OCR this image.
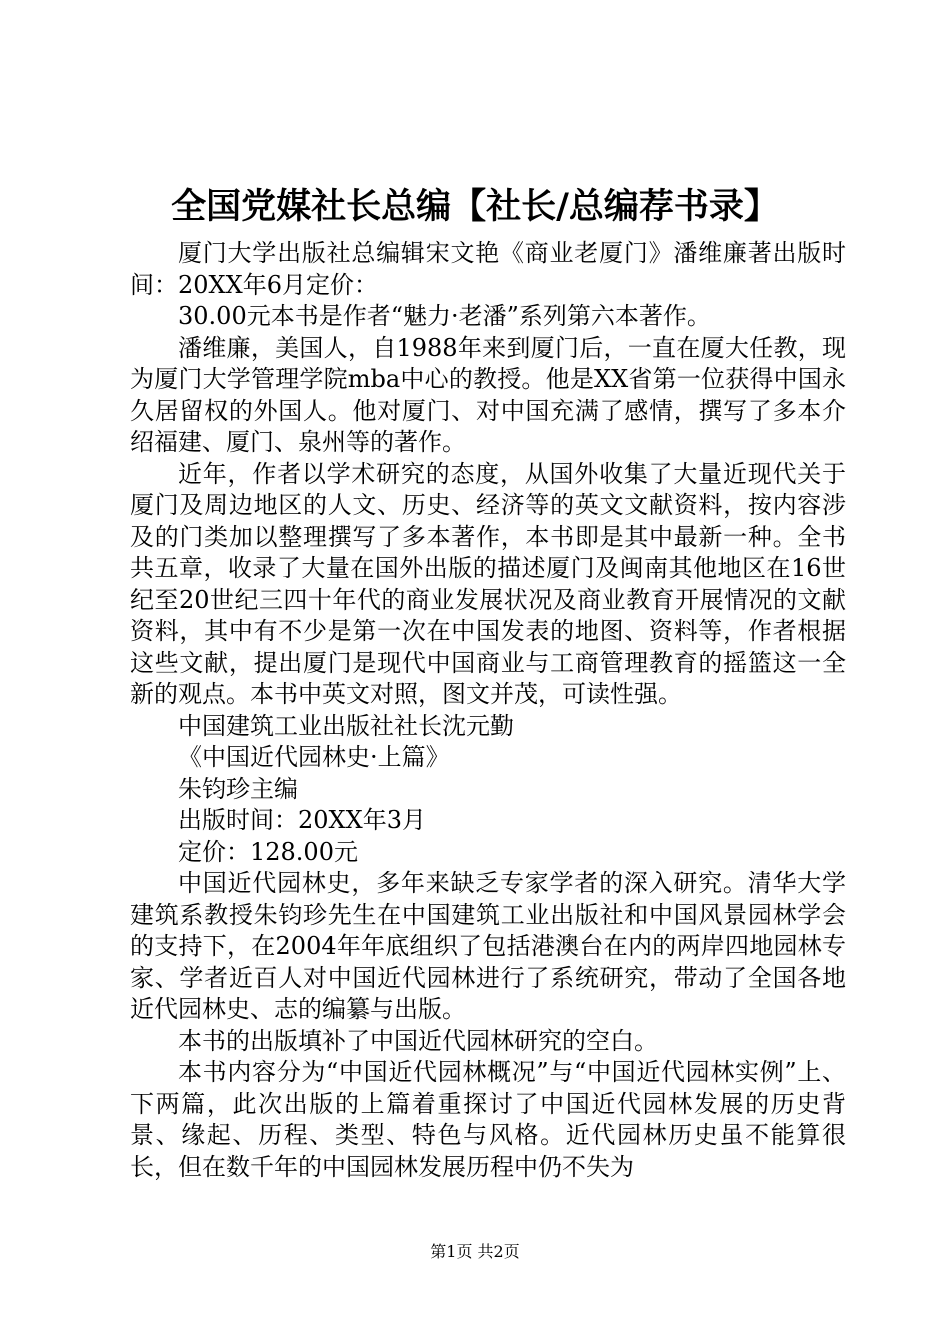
全国党媒社长总编【社长/总编荐书录】

厦门大学出版社总编辑宋文艳《商业老厦门》潘维廉著出版时间：20XX年6月定价：

30.00元本书是作者“魅力·老潘”系列第六本著作。

潘维廉，美国人，自1988年来到厦门后，一直在厦大任教，现为厦门大学管理学院mba中心的教授。他是XX省第一位获得中国永久居留权的外国人。他对厦门、对中国充满了感情，撰写了多本介绍福建、厦门、泉州等的著作。

近年，作者以学术研究的态度，从国外收集了大量近现代关于厦门及周边地区的人文、历史、经济等的英文文献资料，按内容涉及的门类加以整理撰写了多本著作，本书即是其中最新一种。全书共五章，收录了大量在国外出版的描述厦门及闽南其他地区在16世纪至20世纪三四十年代的商业发展状况及商业教育开展情况的文献资料，其中有不少是第一次在中国发表的地图、资料等，作者根据这些文献，提出厦门是现代中国商业与工商管理教育的摇篮这一全新的观点。本书中英文对照，图文并茂，可读性强。

中国建筑工业出版社社长沈元勤

《中国近代园林史·上篇》

朱钧珍主编

出版时间：20XX年3月

定价：128.00元

中国近代园林史，多年来缺乏专家学者的深入研究。清华大学建筑系教授朱钧珍先生在中国建筑工业出版社和中国风景园林学会的支持下，在2004年年底组织了包括港澳台在内的两岸四地园林专家、学者近百人对中国近代园林进行了系统研究，带动了全国各地近代园林史、志的编纂与出版。

本书的出版填补了中国近代园林研究的空白。

本书内容分为“中国近代园林概况”与“中国近代园林实例”上、下两篇，此次出版的上篇着重探讨了中国近代园林发展的历史背景、缘起、历程、类型、特色与风格。近代园林历史虽不能算很长，但在数千年的中国园林发展历程中仍不失为

第1页 共2页
